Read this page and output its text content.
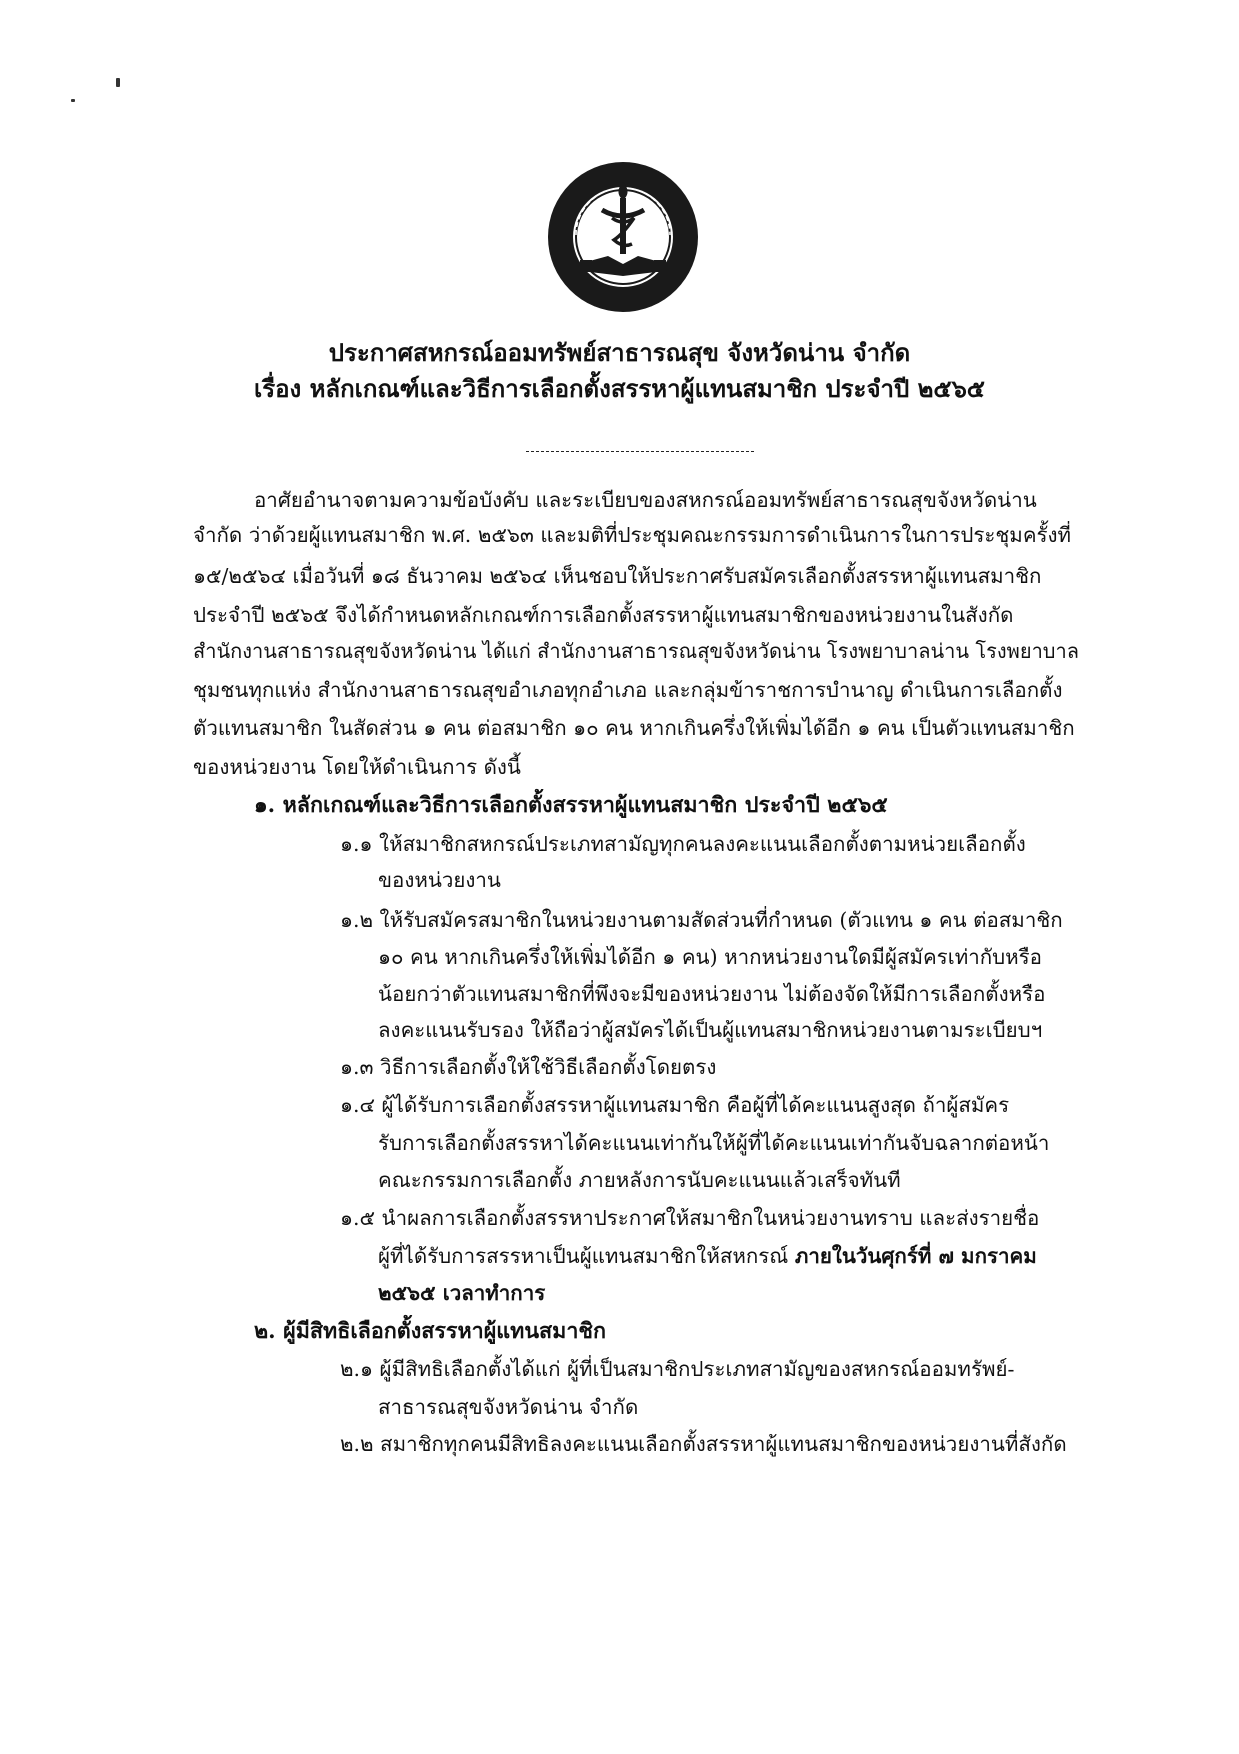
ประกาศสหกรณ์ออมทรัพย์สาธารณสุข จังหวัดน่าน จำกัด
เรื่อง หลักเกณฑ์และวิธีการเลือกตั้งสรรหาผู้แทนสมาชิก ประจำปี ๒๕๖๕
อาศัยอำนาจตามความข้อบังคับ และระเบียบของสหกรณ์ออมทรัพย์สาธารณสุขจังหวัดน่าน
จำกัด ว่าด้วยผู้แทนสมาชิก พ.ศ. ๒๕๖๓ และมติที่ประชุมคณะกรรมการดำเนินการในการประชุมครั้งที่
๑๕/๒๕๖๔ เมื่อวันที่ ๑๘ ธันวาคม ๒๕๖๔ เห็นชอบให้ประกาศรับสมัครเลือกตั้งสรรหาผู้แทนสมาชิก
ประจำปี ๒๕๖๕ จึงได้กำหนดหลักเกณฑ์การเลือกตั้งสรรหาผู้แทนสมาชิกของหน่วยงานในสังกัด
สำนักงานสาธารณสุขจังหวัดน่าน ได้แก่ สำนักงานสาธารณสุขจังหวัดน่าน โรงพยาบาลน่าน โรงพยาบาล
ชุมชนทุกแห่ง สำนักงานสาธารณสุขอำเภอทุกอำเภอ และกลุ่มข้าราชการบำนาญ ดำเนินการเลือกตั้ง
ตัวแทนสมาชิก ในสัดส่วน ๑ คน ต่อสมาชิก ๑๐ คน หากเกินครึ่งให้เพิ่มได้อีก ๑ คน เป็นตัวแทนสมาชิก
ของหน่วยงาน โดยให้ดำเนินการ ดังนี้
๑. หลักเกณฑ์และวิธีการเลือกตั้งสรรหาผู้แทนสมาชิก ประจำปี ๒๕๖๕
๑.๑ ให้สมาชิกสหกรณ์ประเภทสามัญทุกคนลงคะแนนเลือกตั้งตามหน่วยเลือกตั้ง
ของหน่วยงาน
๑.๒ ให้รับสมัครสมาชิกในหน่วยงานตามสัดส่วนที่กำหนด (ตัวแทน ๑ คน ต่อสมาชิก
๑๐ คน หากเกินครึ่งให้เพิ่มได้อีก ๑ คน) หากหน่วยงานใดมีผู้สมัครเท่ากับหรือ
น้อยกว่าตัวแทนสมาชิกที่พึงจะมีของหน่วยงาน ไม่ต้องจัดให้มีการเลือกตั้งหรือ
ลงคะแนนรับรอง ให้ถือว่าผู้สมัครได้เป็นผู้แทนสมาชิกหน่วยงานตามระเบียบฯ
๑.๓ วิธีการเลือกตั้งให้ใช้วิธีเลือกตั้งโดยตรง
๑.๔ ผู้ได้รับการเลือกตั้งสรรหาผู้แทนสมาชิก คือผู้ที่ได้คะแนนสูงสุด ถ้าผู้สมัคร
รับการเลือกตั้งสรรหาได้คะแนนเท่ากันให้ผู้ที่ได้คะแนนเท่ากันจับฉลากต่อหน้า
คณะกรรมการเลือกตั้ง ภายหลังการนับคะแนนแล้วเสร็จทันที
๑.๕ นำผลการเลือกตั้งสรรหาประกาศให้สมาชิกในหน่วยงานทราบ และส่งรายชื่อ
ผู้ที่ได้รับการสรรหาเป็นผู้แทนสมาชิกให้สหกรณ์ ภายในวันศุกร์ที่ ๗ มกราคม
๒๕๖๕ เวลาทำการ
๒. ผู้มีสิทธิเลือกตั้งสรรหาผู้แทนสมาชิก
๒.๑ ผู้มีสิทธิเลือกตั้งได้แก่ ผู้ที่เป็นสมาชิกประเภทสามัญของสหกรณ์ออมทรัพย์-
สาธารณสุขจังหวัดน่าน จำกัด
๒.๒ สมาชิกทุกคนมีสิทธิลงคะแนนเลือกตั้งสรรหาผู้แทนสมาชิกของหน่วยงานที่สังกัด
